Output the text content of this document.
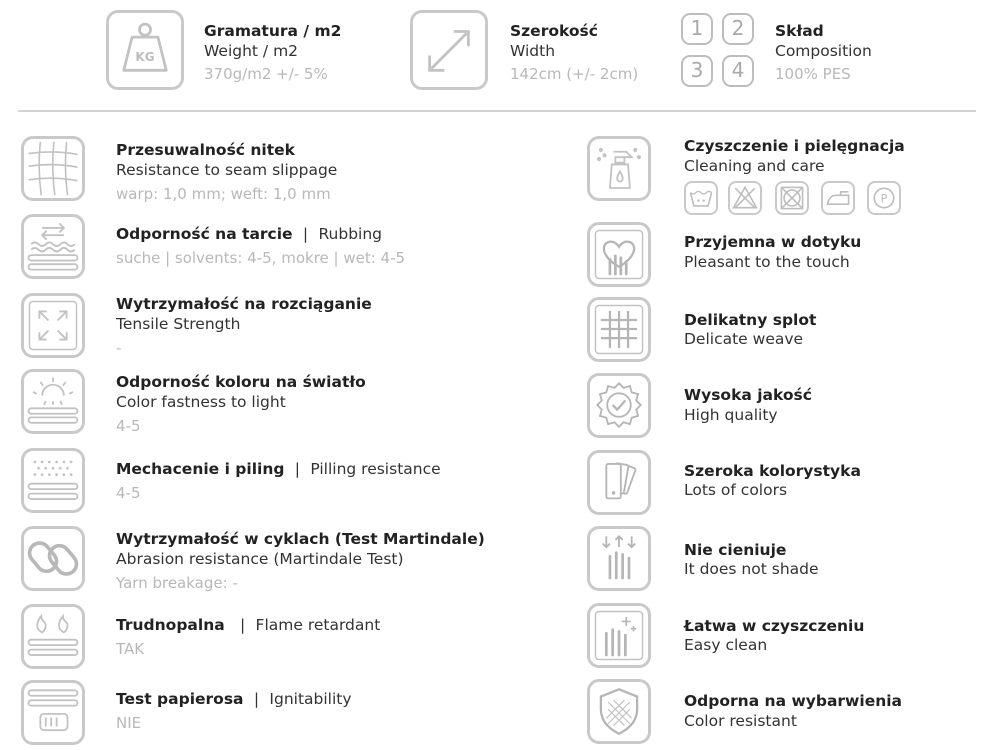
KG
Gramatura / m2
Weight / m2
370g/m2 +/- 5%
Szerokość
Width
142cm (+/- 2cm)
1	2
3	4
Skład
Composition
100% PES
Przesuwalność nitek
Resistance to seam slippage
warp: 1,0 mm; weft: 1,0 mm
Odporność na tarcie  |  Rubbing
suche | solvents: 4-5, mokre | wet: 4-5
Wytrzymałość na rozciąganie
Tensile Strength
-
Odporność koloru na światło
Color fastness to light
4-5
Mechacenie i piling  |  Pilling resistance
4-5
Wytrzymałość w cyklach (Test Martindale)
Abrasion resistance (Martindale Test)
Yarn breakage: -
Trudnopalna   |  Flame retardant
TAK
Test papierosa  |  Ignitability
NIE
Czyszczenie i pielęgnacja
Cleaning and care
P
Przyjemna w dotyku
Pleasant to the touch
Delikatny splot
Delicate weave
Wysoka jakość
High quality
Szeroka kolorystyka
Lots of colors
Nie cieniuje
It does not shade
Łatwa w czyszczeniu
Easy clean
Odporna na wybarwienia
Color resistant
